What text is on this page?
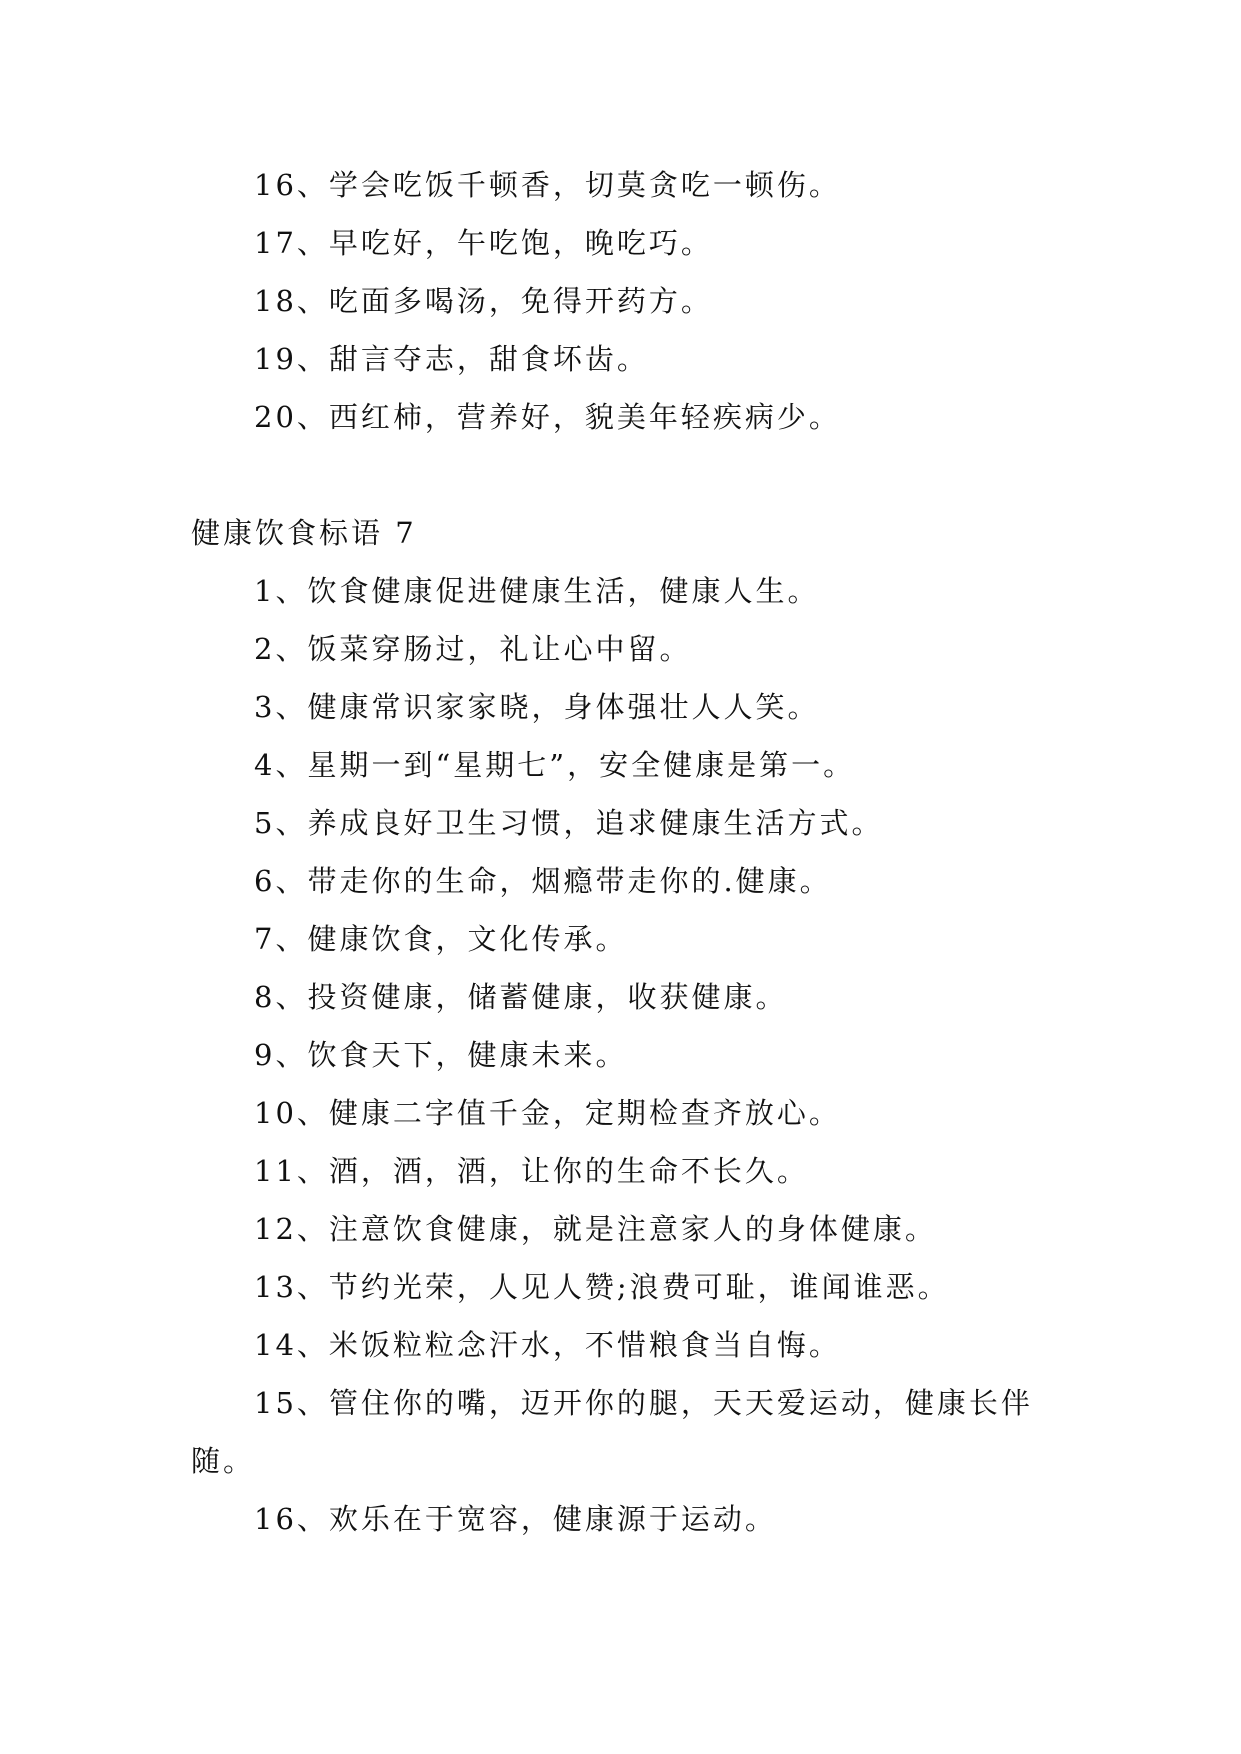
16、学会吃饭千顿香，切莫贪吃一顿伤。
17、早吃好，午吃饱，晚吃巧。
18、吃面多喝汤，免得开药方。
19、甜言夺志，甜食坏齿。
20、西红柿，营养好，貌美年轻疾病少。
健康饮食标语 7
1、饮食健康促进健康生活，健康人生。
2、饭菜穿肠过，礼让心中留。
3、健康常识家家晓，身体强壮人人笑。
4、星期一到“星期七”，安全健康是第一。
5、养成良好卫生习惯，追求健康生活方式。
6、带走你的生命，烟瘾带走你的.健康。
7、健康饮食，文化传承。
8、投资健康，储蓄健康，收获健康。
9、饮食天下，健康未来。
10、健康二字值千金，定期检查齐放心。
11、酒，酒，酒，让你的生命不长久。
12、注意饮食健康，就是注意家人的身体健康。
13、节约光荣，人见人赞;浪费可耻，谁闻谁恶。
14、米饭粒粒念汗水，不惜粮食当自悔。
15、管住你的嘴，迈开你的腿，天天爱运动，健康长伴
随。
16、欢乐在于宽容，健康源于运动。
